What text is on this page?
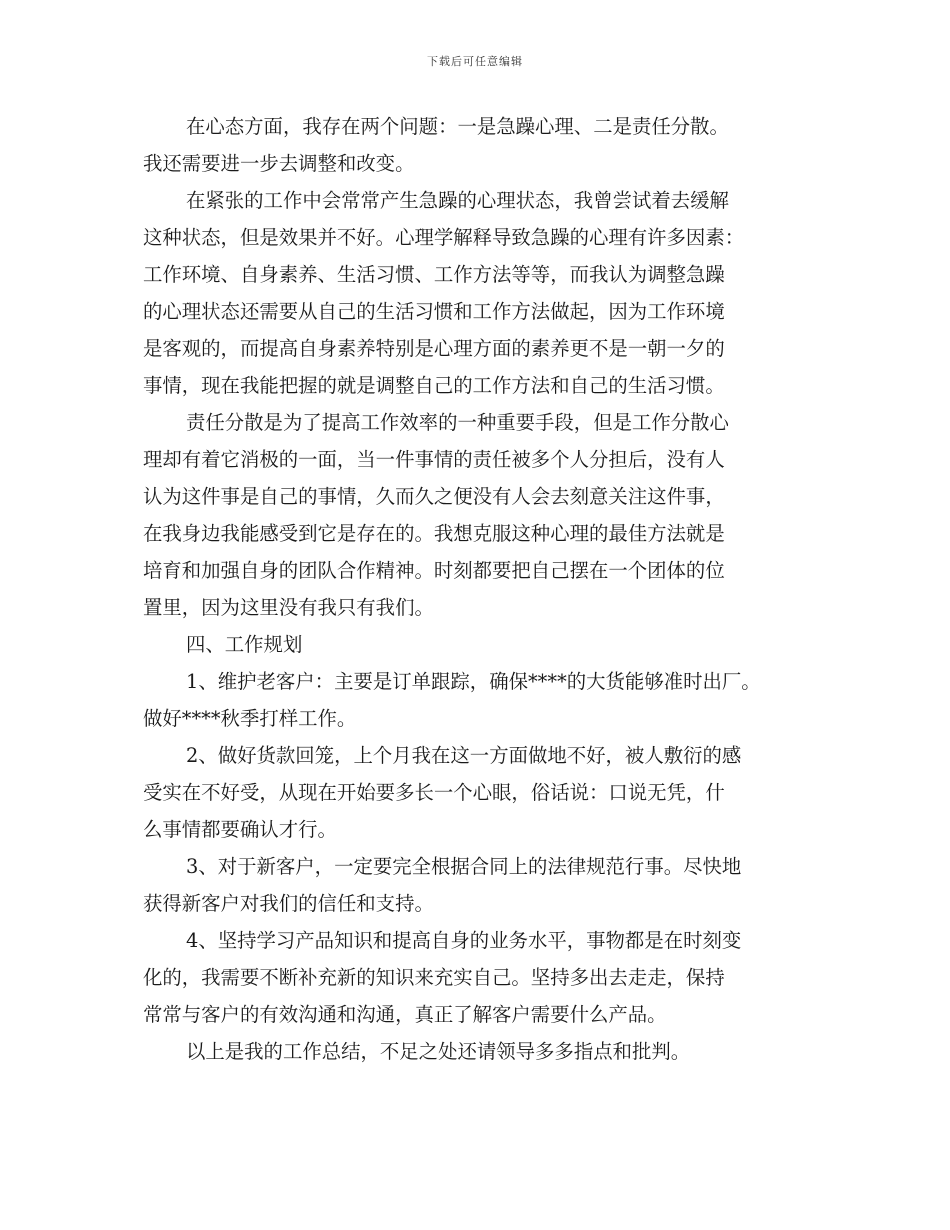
下载后可任意编辑
在心态方面，我存在两个问题：一是急躁心理、二是责任分散。
我还需要进一步去调整和改变。
在紧张的工作中会常常产生急躁的心理状态，我曾尝试着去缓解
这种状态，但是效果并不好。心理学解释导致急躁的心理有许多因素：
工作环境、自身素养、生活习惯、工作方法等等，而我认为调整急躁
的心理状态还需要从自己的生活习惯和工作方法做起，因为工作环境
是客观的，而提高自身素养特别是心理方面的素养更不是一朝一夕的
事情，现在我能把握的就是调整自己的工作方法和自己的生活习惯。
责任分散是为了提高工作效率的一种重要手段，但是工作分散心
理却有着它消极的一面，当一件事情的责任被多个人分担后，没有人
认为这件事是自己的事情，久而久之便没有人会去刻意关注这件事，
在我身边我能感受到它是存在的。我想克服这种心理的最佳方法就是
培育和加强自身的团队合作精神。时刻都要把自己摆在一个团体的位
置里，因为这里没有我只有我们。
四、工作规划
1、维护老客户：主要是订单跟踪，确保****的大货能够准时出厂。
做好****秋季打样工作。
2、做好货款回笼，上个月我在这一方面做地不好，被人敷衍的感
受实在不好受，从现在开始要多长一个心眼，俗话说：口说无凭，什
么事情都要确认才行。
3、对于新客户，一定要完全根据合同上的法律规范行事。尽快地
获得新客户对我们的信任和支持。
4、坚持学习产品知识和提高自身的业务水平，事物都是在时刻变
化的，我需要不断补充新的知识来充实自己。坚持多出去走走，保持
常常与客户的有效沟通和沟通，真正了解客户需要什么产品。
以上是我的工作总结，不足之处还请领导多多指点和批判。
